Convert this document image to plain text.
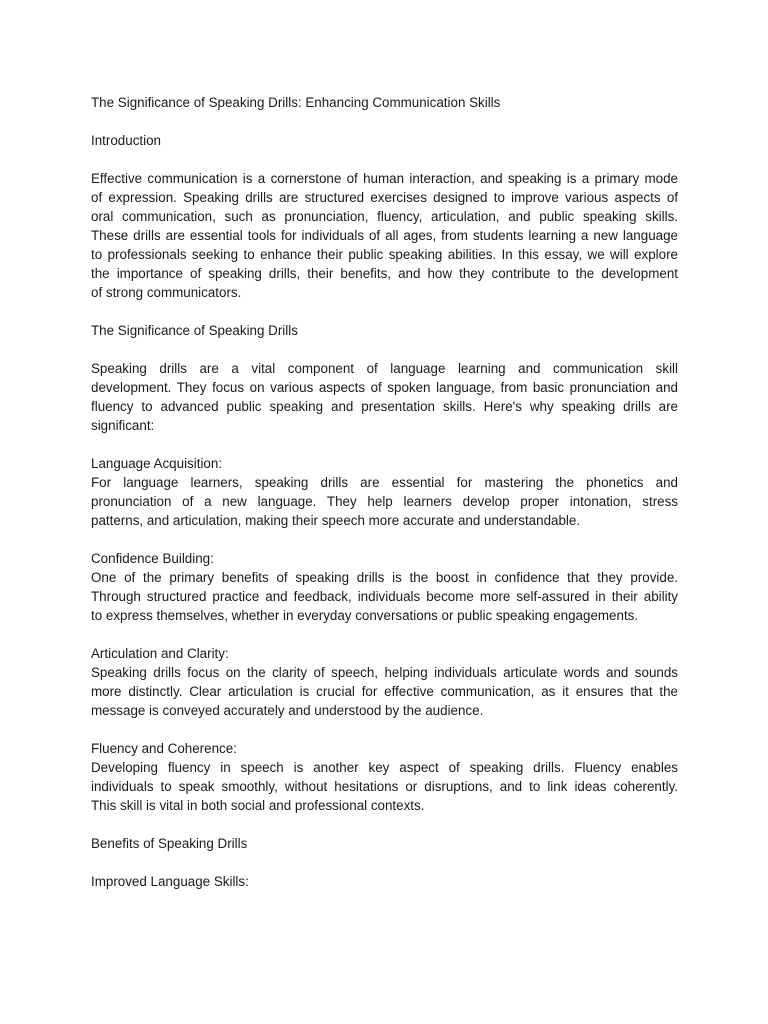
The Significance of Speaking Drills: Enhancing Communication Skills
Introduction
Effective communication is a cornerstone of human interaction, and speaking is a primary mode
of expression. Speaking drills are structured exercises designed to improve various aspects of
oral communication, such as pronunciation, fluency, articulation, and public speaking skills.
These drills are essential tools for individuals of all ages, from students learning a new language
to professionals seeking to enhance their public speaking abilities. In this essay, we will explore
the importance of speaking drills, their benefits, and how they contribute to the development
of strong communicators.
The Significance of Speaking Drills
Speaking drills are a vital component of language learning and communication skill
development. They focus on various aspects of spoken language, from basic pronunciation and
fluency to advanced public speaking and presentation skills. Here's why speaking drills are
significant:
Language Acquisition:
For language learners, speaking drills are essential for mastering the phonetics and
pronunciation of a new language. They help learners develop proper intonation, stress
patterns, and articulation, making their speech more accurate and understandable.
Confidence Building:
One of the primary benefits of speaking drills is the boost in confidence that they provide.
Through structured practice and feedback, individuals become more self-assured in their ability
to express themselves, whether in everyday conversations or public speaking engagements.
Articulation and Clarity:
Speaking drills focus on the clarity of speech, helping individuals articulate words and sounds
more distinctly. Clear articulation is crucial for effective communication, as it ensures that the
message is conveyed accurately and understood by the audience.
Fluency and Coherence:
Developing fluency in speech is another key aspect of speaking drills. Fluency enables
individuals to speak smoothly, without hesitations or disruptions, and to link ideas coherently.
This skill is vital in both social and professional contexts.
Benefits of Speaking Drills
Improved Language Skills:
